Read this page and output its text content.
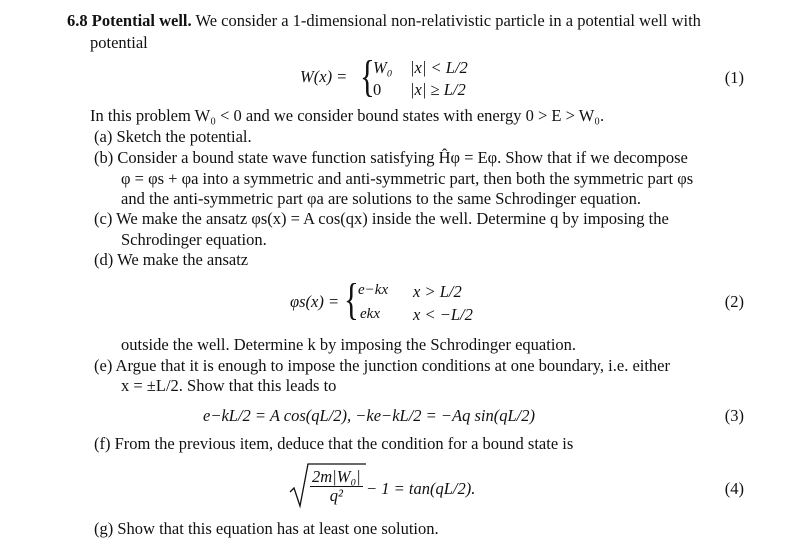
6.8 Potential well. We consider a 1-dimensional non-relativistic particle in a potential well with
potential
W(x) = {
W₀ |x| < L/2
0 |x| ≥ L/2
(1)
In this problem W₀ < 0 and we consider bound states with energy 0 > E > W₀.
(a) Sketch the potential.
(b) Consider a bound state wave function satisfying Ĥφ = Eφ. Show that if we decompose
φ = φs + φa into a symmetric and anti-symmetric part, then both the symmetric part φs
and the anti-symmetric part φa are solutions to the same Schrodinger equation.
(c) We make the ansatz φs(x) = A cos(qx) inside the well. Determine q by imposing the
Schrodinger equation.
(d) We make the ansatz
φs(x) = { e−kx x > L/2
ekx x < −L/2
(2)
outside the well. Determine k by imposing the Schrodinger equation.
(e) Argue that it is enough to impose the junction conditions at one boundary, i.e. either
x = ±L/2. Show that this leads to
e−kL/2 = A cos(qL/2), −ke−kL/2 = −Aq sin(qL/2)	(3)
(f) From the previous item, deduce that the condition for a bound state is
$\frac{\text{2m|W₀|}}{\text{q²}} - 1 = \tan(qL/2)$.	(4)
(g) Show that this equation has at least one solution.
